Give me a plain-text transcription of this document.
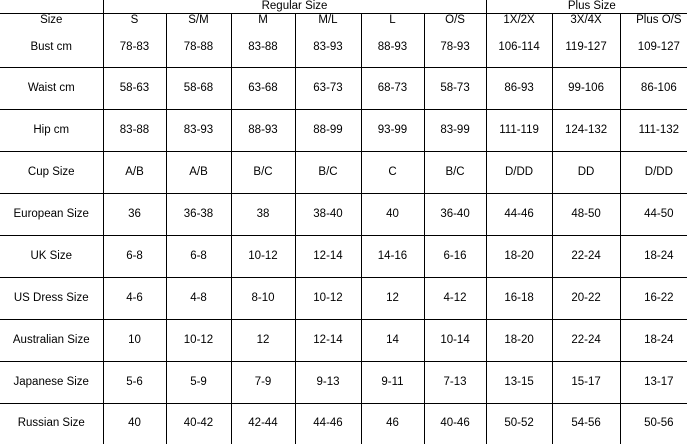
	Regular Size						Plus Size		
Size	S	S/M	M	M/L	L	O/S	1X/2X	3X/4X	Plus O/S
Bust cm	78-83	78-88	83-88	83-93	88-93	78-93	106-114	119-127	109-127
Waist cm	58-63	58-68	63-68	63-73	68-73	58-73	86-93	99-106	86-106
Hip cm	83-88	83-93	88-93	88-99	93-99	83-99	111-119	124-132	111-132
Cup Size	A/B	A/B	B/C	B/C	C	B/C	D/DD	DD	D/DD
European Size	36	36-38	38	38-40	40	36-40	44-46	48-50	44-50
UK Size	6-8	6-8	10-12	12-14	14-16	6-16	18-20	22-24	18-24
US Dress Size	4-6	4-8	8-10	10-12	12	4-12	16-18	20-22	16-22
Australian Size	10	10-12	12	12-14	14	10-14	18-20	22-24	18-24
Japanese Size	5-6	5-9	7-9	9-13	9-11	7-13	13-15	15-17	13-17
Russian Size	40	40-42	42-44	44-46	46	40-46	50-52	54-56	50-56
